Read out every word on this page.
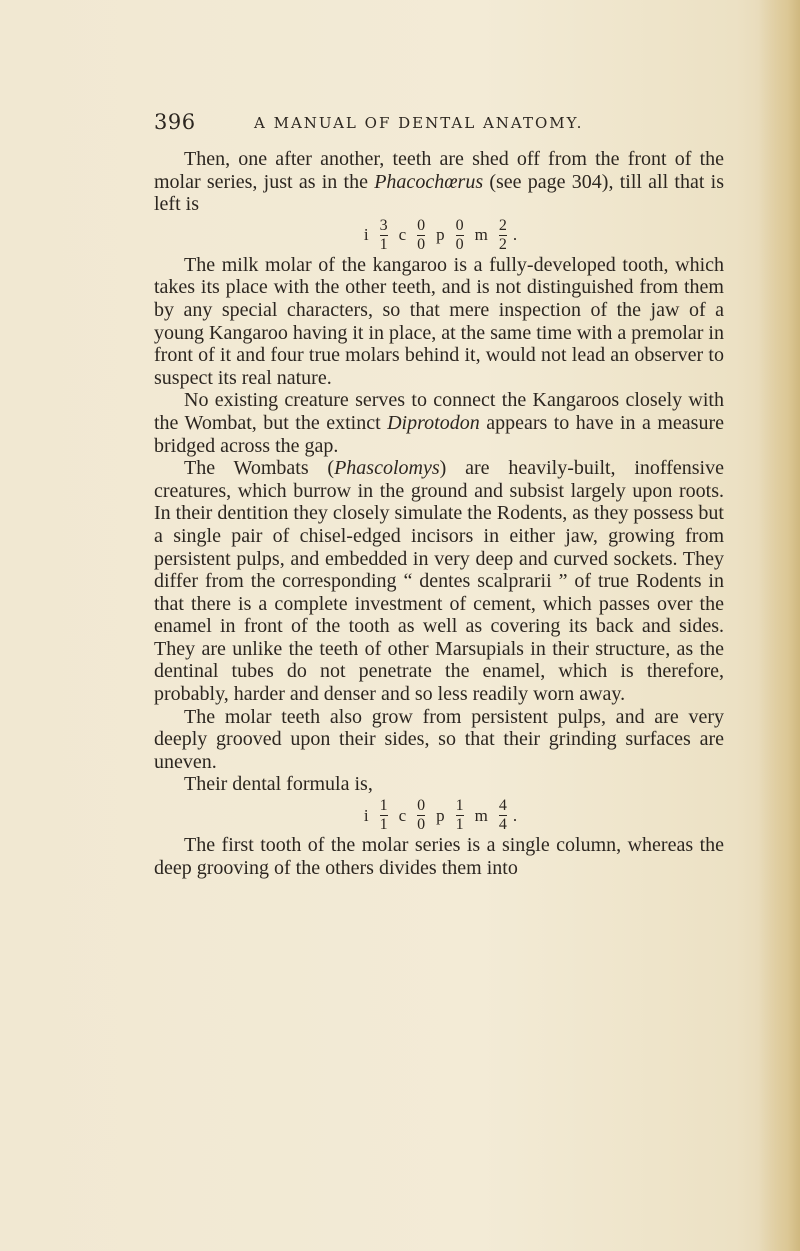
396	A MANUAL OF DENTAL ANATOMY.

Then, one after another, teeth are shed off from the front of the molar series, just as in the Phacochœrus (see page 304), till all that is left is

i $\frac{3}{1}$ c $\frac{0}{0}$ p $\frac{0}{0}$ m $\frac{2}{2}$ .

The milk molar of the kangaroo is a fully-developed tooth, which takes its place with the other teeth, and is not distinguished from them by any special characters, so that mere inspection of the jaw of a young Kangaroo having it in place, at the same time with a premolar in front of it and four true molars behind it, would not lead an observer to suspect its real nature.

No existing creature serves to connect the Kangaroos closely with the Wombat, but the extinct Diprotodon appears to have in a measure bridged across the gap.

The Wombats (Phascolomys) are heavily-built, inoffensive creatures, which burrow in the ground and subsist largely upon roots. In their dentition they closely simulate the Rodents, as they possess but a single pair of chisel-edged incisors in either jaw, growing from persistent pulps, and embedded in very deep and curved sockets. They differ from the corresponding “ dentes scalprarii ” of true Rodents in that there is a complete investment of cement, which passes over the enamel in front of the tooth as well as covering its back and sides. They are unlike the teeth of other Marsupials in their structure, as the dentinal tubes do not penetrate the enamel, which is therefore, probably, harder and denser and so less readily worn away.

The molar teeth also grow from persistent pulps, and are very deeply grooved upon their sides, so that their grinding surfaces are uneven.

Their dental formula is,

i $\frac{1}{1}$ c $\frac{0}{0}$ p $\frac{1}{1}$ m $\frac{4}{4}$ .

The first tooth of the molar series is a single column, whereas the deep grooving of the others divides them into
